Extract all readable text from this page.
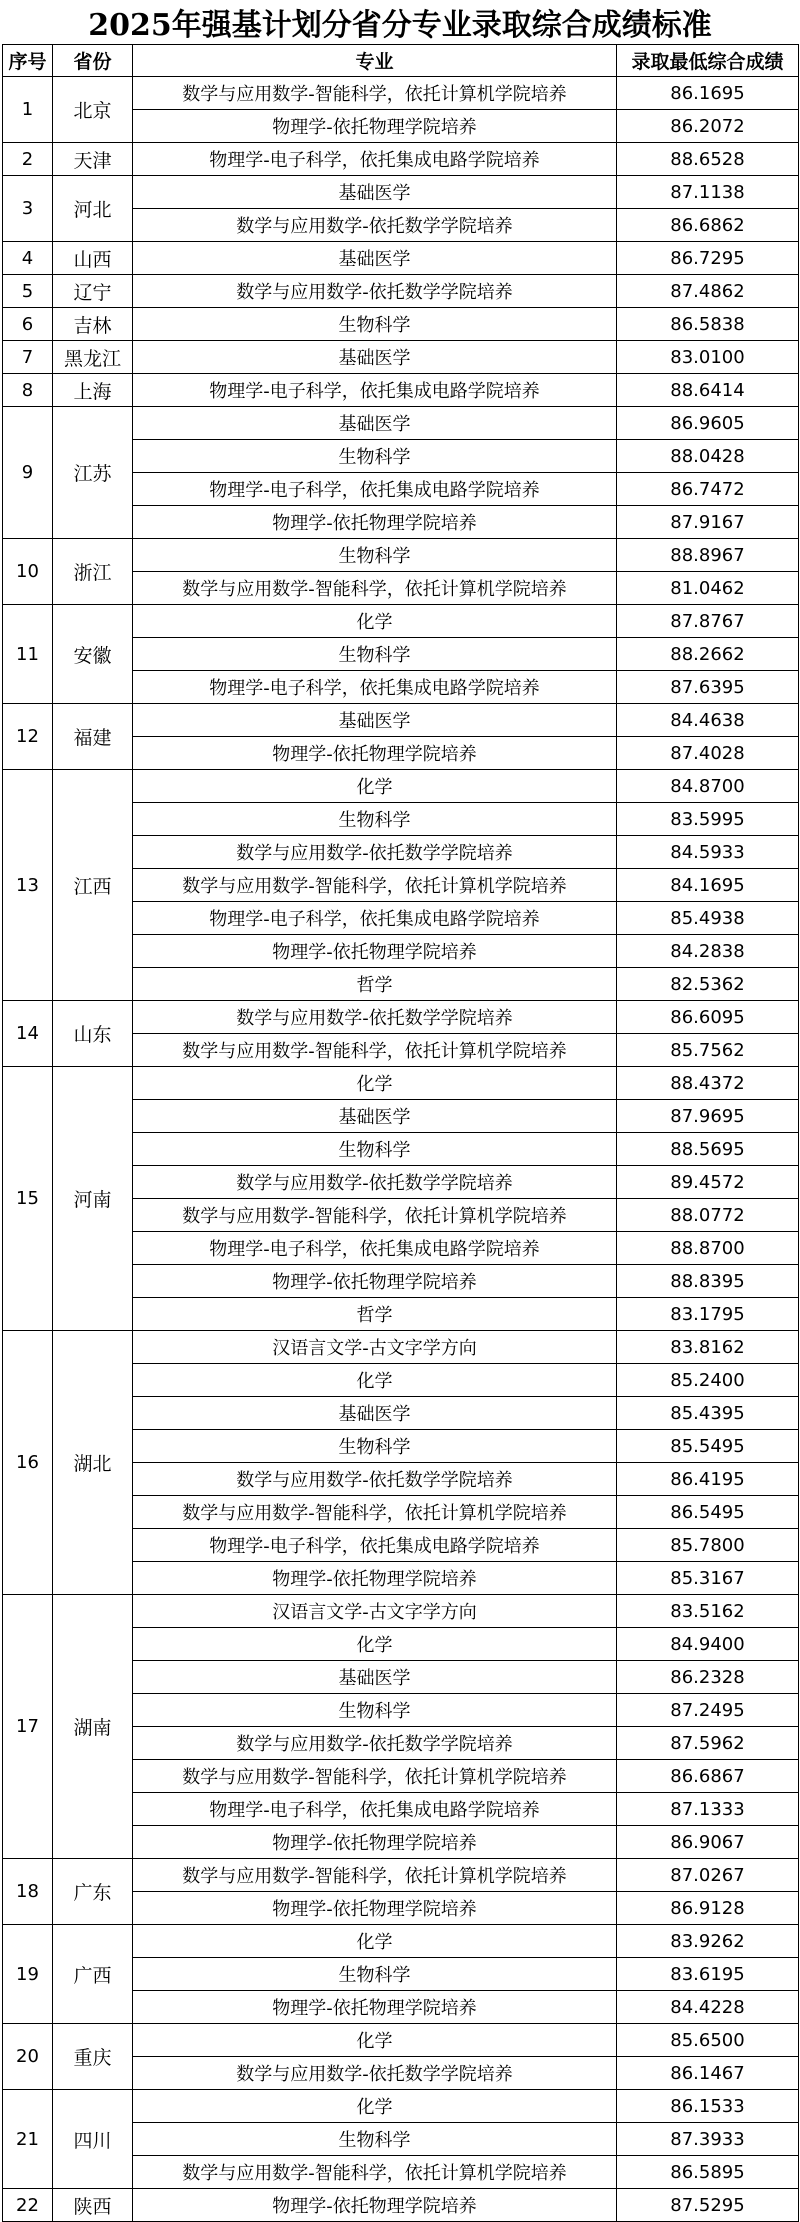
2025年强基计划分省分专业录取综合成绩标准
序号	省份	专业	录取最低综合成绩
1	北京	数学与应用数学-智能科学，依托计算机学院培养	86.1695
		物理学-依托物理学院培养	86.2072
2	天津	物理学-电子科学，依托集成电路学院培养	88.6528
3	河北	基础医学	87.1138
		数学与应用数学-依托数学学院培养	86.6862
4	山西	基础医学	86.7295
5	辽宁	数学与应用数学-依托数学学院培养	87.4862
6	吉林	生物科学	86.5838
7	黑龙江	基础医学	83.0100
8	上海	物理学-电子科学，依托集成电路学院培养	88.6414
9	江苏	基础医学	86.9605
		生物科学	88.0428
		物理学-电子科学，依托集成电路学院培养	86.7472
		物理学-依托物理学院培养	87.9167
10	浙江	生物科学	88.8967
		数学与应用数学-智能科学，依托计算机学院培养	81.0462
11	安徽	化学	87.8767
		生物科学	88.2662
		物理学-电子科学，依托集成电路学院培养	87.6395
12	福建	基础医学	84.4638
		物理学-依托物理学院培养	87.4028
13	江西	化学	84.8700
		生物科学	83.5995
		数学与应用数学-依托数学学院培养	84.5933
		数学与应用数学-智能科学，依托计算机学院培养	84.1695
		物理学-电子科学，依托集成电路学院培养	85.4938
		物理学-依托物理学院培养	84.2838
		哲学	82.5362
14	山东	数学与应用数学-依托数学学院培养	86.6095
		数学与应用数学-智能科学，依托计算机学院培养	85.7562
15	河南	化学	88.4372
		基础医学	87.9695
		生物科学	88.5695
		数学与应用数学-依托数学学院培养	89.4572
		数学与应用数学-智能科学，依托计算机学院培养	88.0772
		物理学-电子科学，依托集成电路学院培养	88.8700
		物理学-依托物理学院培养	88.8395
		哲学	83.1795
16	湖北	汉语言文学-古文字学方向	83.8162
		化学	85.2400
		基础医学	85.4395
		生物科学	85.5495
		数学与应用数学-依托数学学院培养	86.4195
		数学与应用数学-智能科学，依托计算机学院培养	86.5495
		物理学-电子科学，依托集成电路学院培养	85.7800
		物理学-依托物理学院培养	85.3167
17	湖南	汉语言文学-古文字学方向	83.5162
		化学	84.9400
		基础医学	86.2328
		生物科学	87.2495
		数学与应用数学-依托数学学院培养	87.5962
		数学与应用数学-智能科学，依托计算机学院培养	86.6867
		物理学-电子科学，依托集成电路学院培养	87.1333
		物理学-依托物理学院培养	86.9067
18	广东	数学与应用数学-智能科学，依托计算机学院培养	87.0267
		物理学-依托物理学院培养	86.9128
19	广西	化学	83.9262
		生物科学	83.6195
		物理学-依托物理学院培养	84.4228
20	重庆	化学	85.6500
		数学与应用数学-依托数学学院培养	86.1467
21	四川	化学	86.1533
		生物科学	87.3933
		数学与应用数学-智能科学，依托计算机学院培养	86.5895
22	陕西	物理学-依托物理学院培养	87.5295
